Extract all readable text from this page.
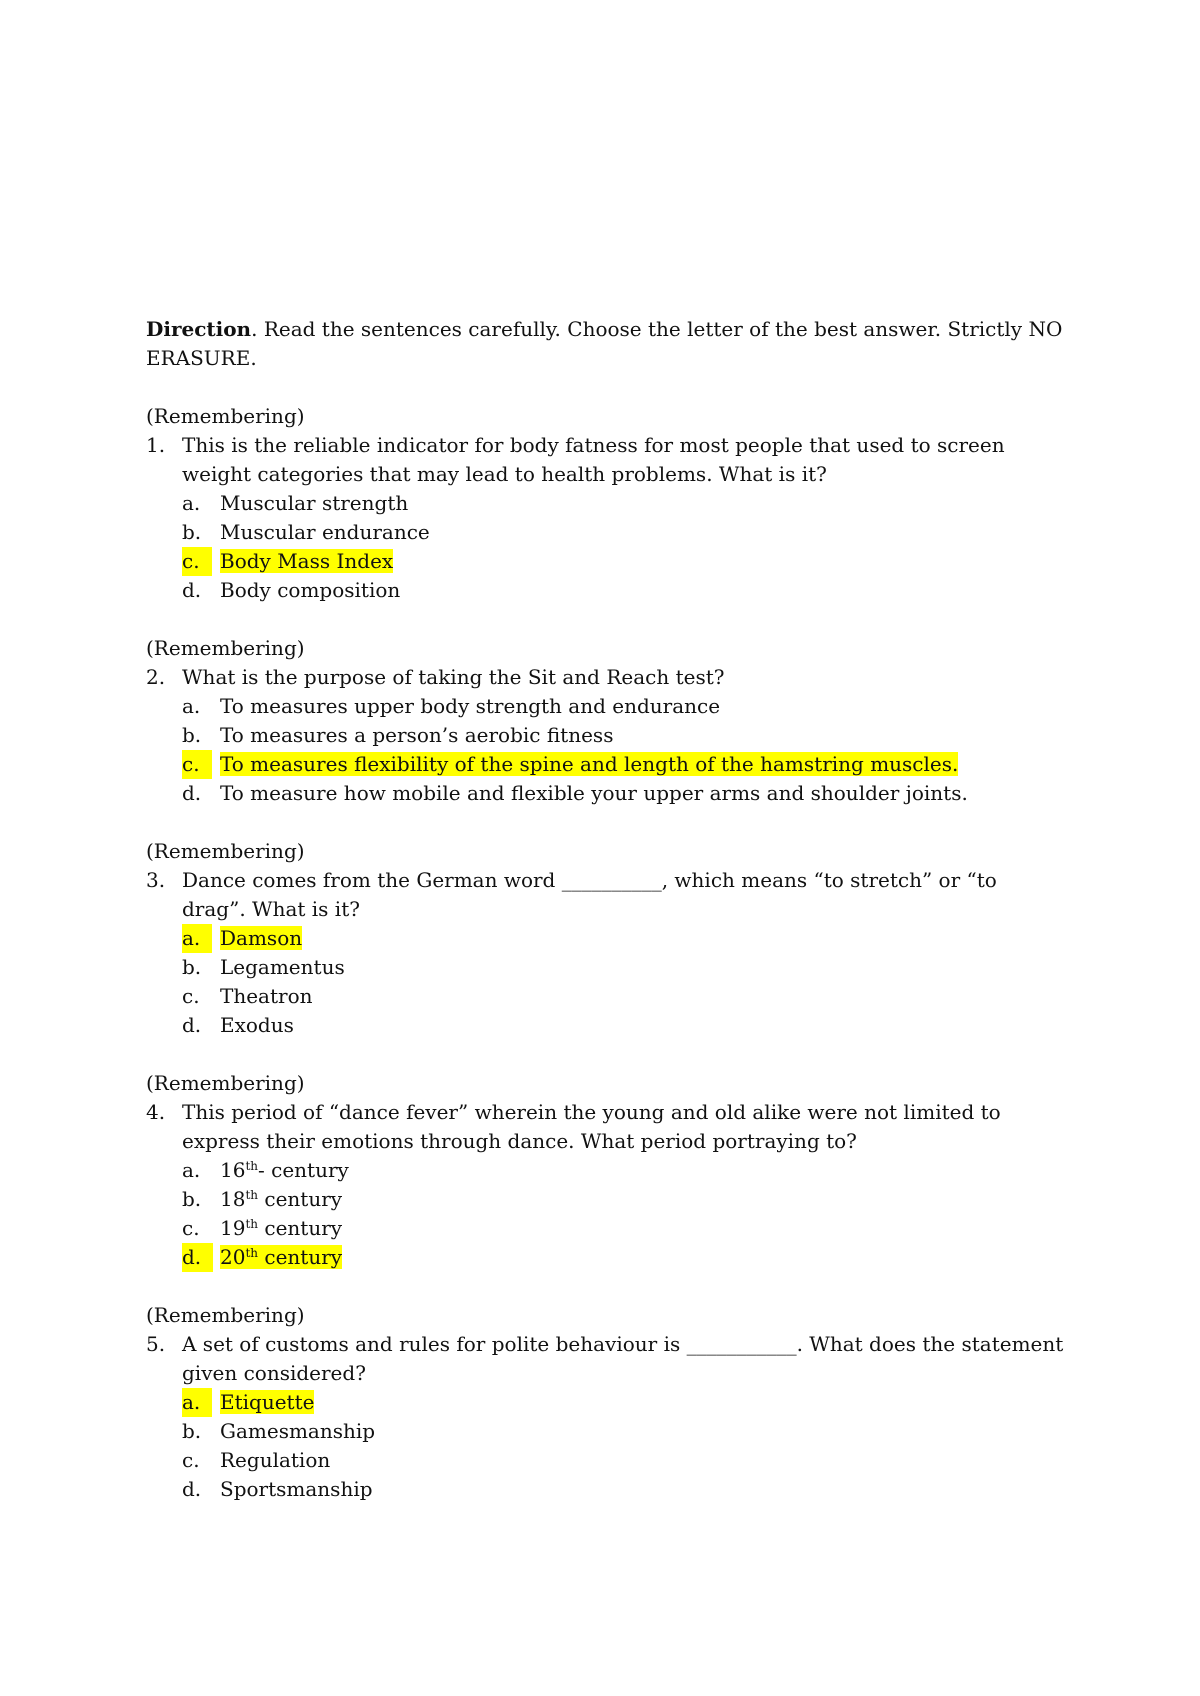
Direction. Read the sentences carefully. Choose the letter of the best answer. Strictly NO ERASURE.

(Remembering)
1. This is the reliable indicator for body fatness for most people that used to screen weight categories that may lead to health problems. What is it?
a. Muscular strength
b. Muscular endurance
c.	Body Mass Index
d. Body composition
(Remembering)
2. What is the purpose of taking the Sit and Reach test?
a. To measures upper body strength and endurance
b. To measures a person’s aerobic fitness
c.	To measures flexibility of the spine and length of the hamstring muscles.
d. To measure how mobile and flexible your upper arms and shoulder joints.
(Remembering)
3. Dance comes from the German word __________, which means “to stretch” or “to drag”. What is it?
a. Damson
b. Legamentus
c. Theatron
d. Exodus
(Remembering)
4. This period of “dance fever” wherein the young and old alike were not limited to express their emotions through dance. What period portraying to?
a. 16th- century
b. 18th century
c. 19th century
d. 20th century
(Remembering)
5. A set of customs and rules for polite behaviour is ___________. What does the statement given considered?
a. Etiquette
b. Gamesmanship
c. Regulation
d. Sportsmanship
